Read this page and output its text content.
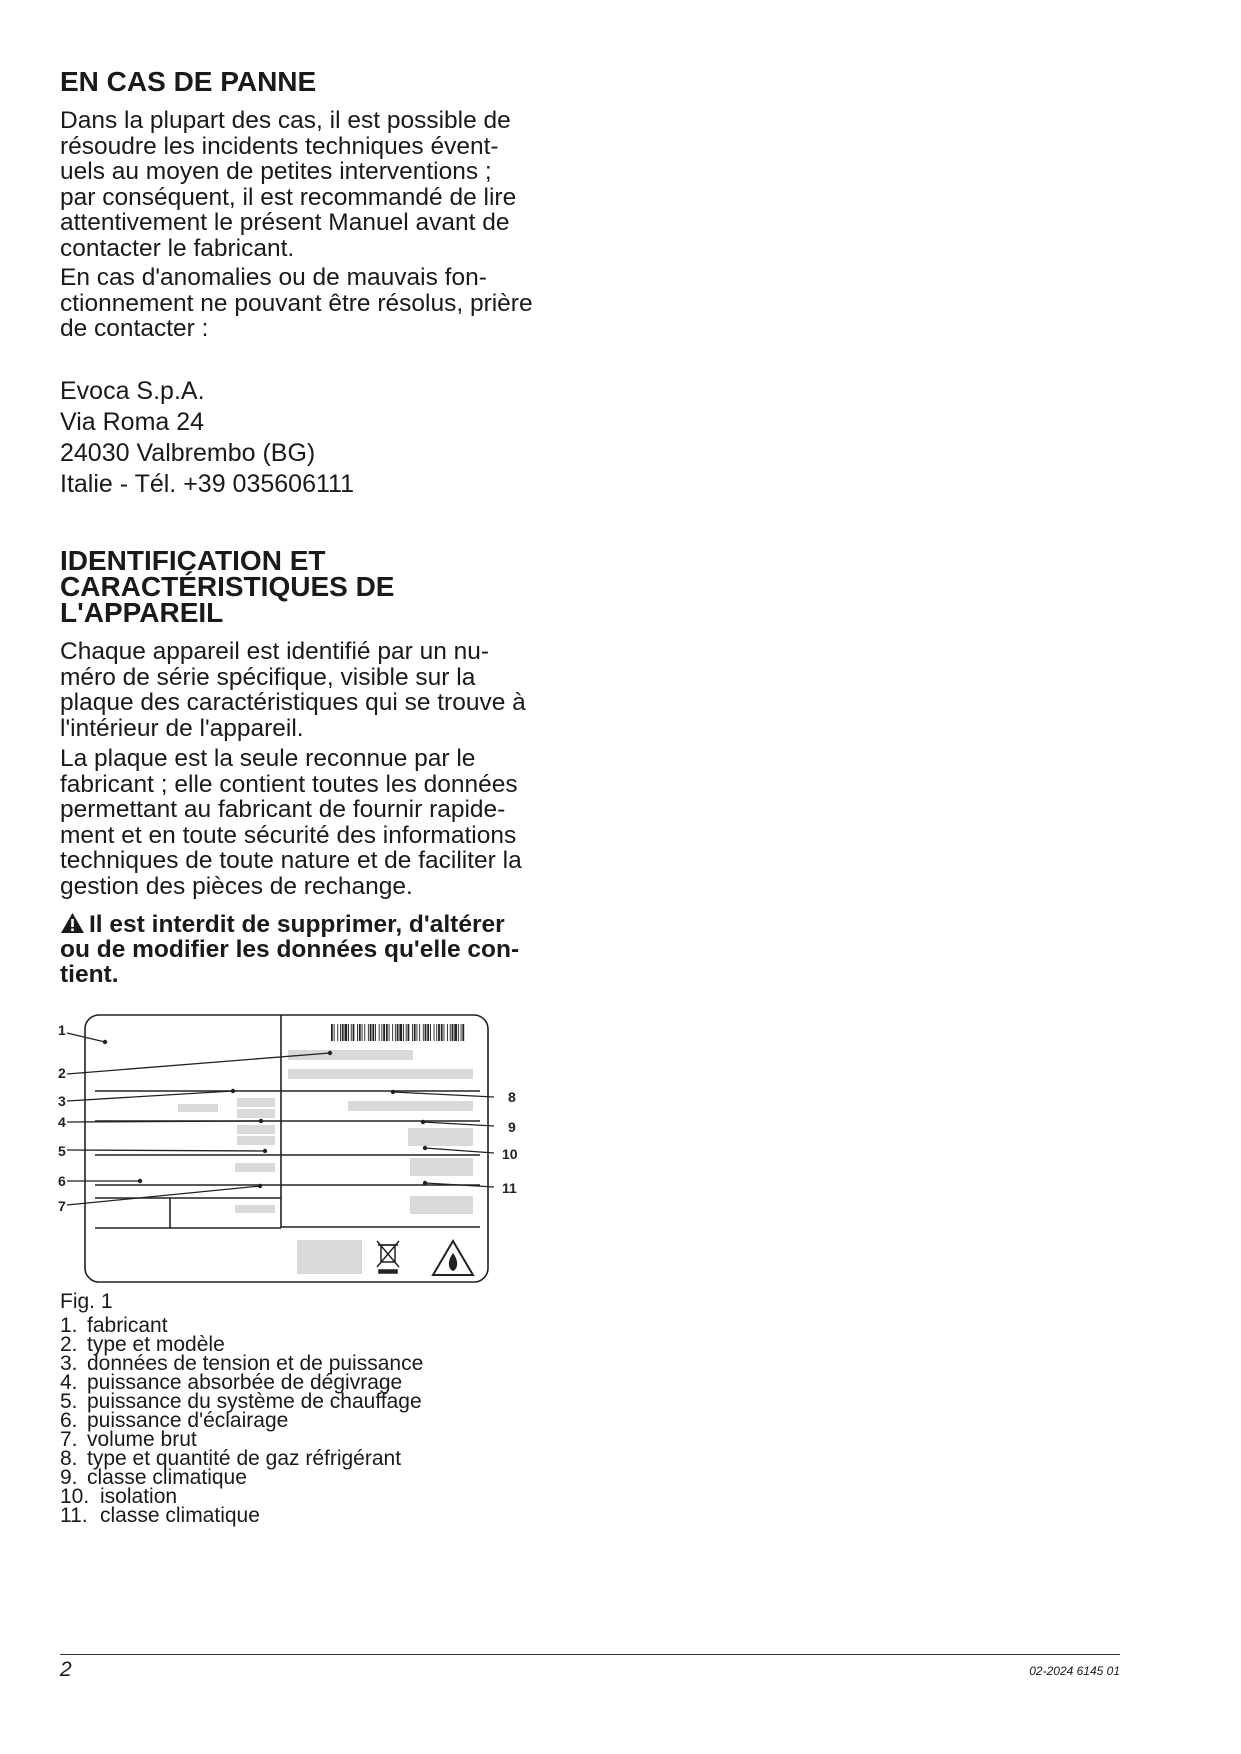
EN CAS DE PANNE

Dans la plupart des cas, il est possible de
résoudre les incidents techniques évent-
uels au moyen de petites interventions ;
par conséquent, il est recommandé de lire
attentivement le présent Manuel avant de
contacter le fabricant.

En cas d'anomalies ou de mauvais fon-
ctionnement ne pouvant être résolus, prière
de contacter :

Evoca S.p.A.
Via Roma 24
24030 Valbrembo (BG)
Italie - Tél. +39 035606111
IDENTIFICATION ET
CARACTÉRISTIQUES DE
L'APPAREIL

Chaque appareil est identifié par un nu-
méro de série spécifique, visible sur la
plaque des caractéristiques qui se trouve à
l'intérieur de l'appareil.

La plaque est la seule reconnue par le
fabricant ; elle contient toutes les données
permettant au fabricant de fournir rapide-
ment et en toute sécurité des informations
techniques de toute nature et de faciliter la
gestion des pièces de rechange.

Il est interdit de supprimer, d'altérer
ou de modifier les données qu'elle con-
tient.

1
2
3
4
5
6
7
8
9
10
11
Fig. 1
1. fabricant
2. type et modèle
3. données de tension et de puissance
4. puissance absorbée de dégivrage
5. puissance du système de chauffage
6. puissance d'éclairage
7. volume brut
8. type et quantité de gaz réfrigérant
9. classe climatique
10. isolation
11. classe climatique
2	02-2024 6145 01
